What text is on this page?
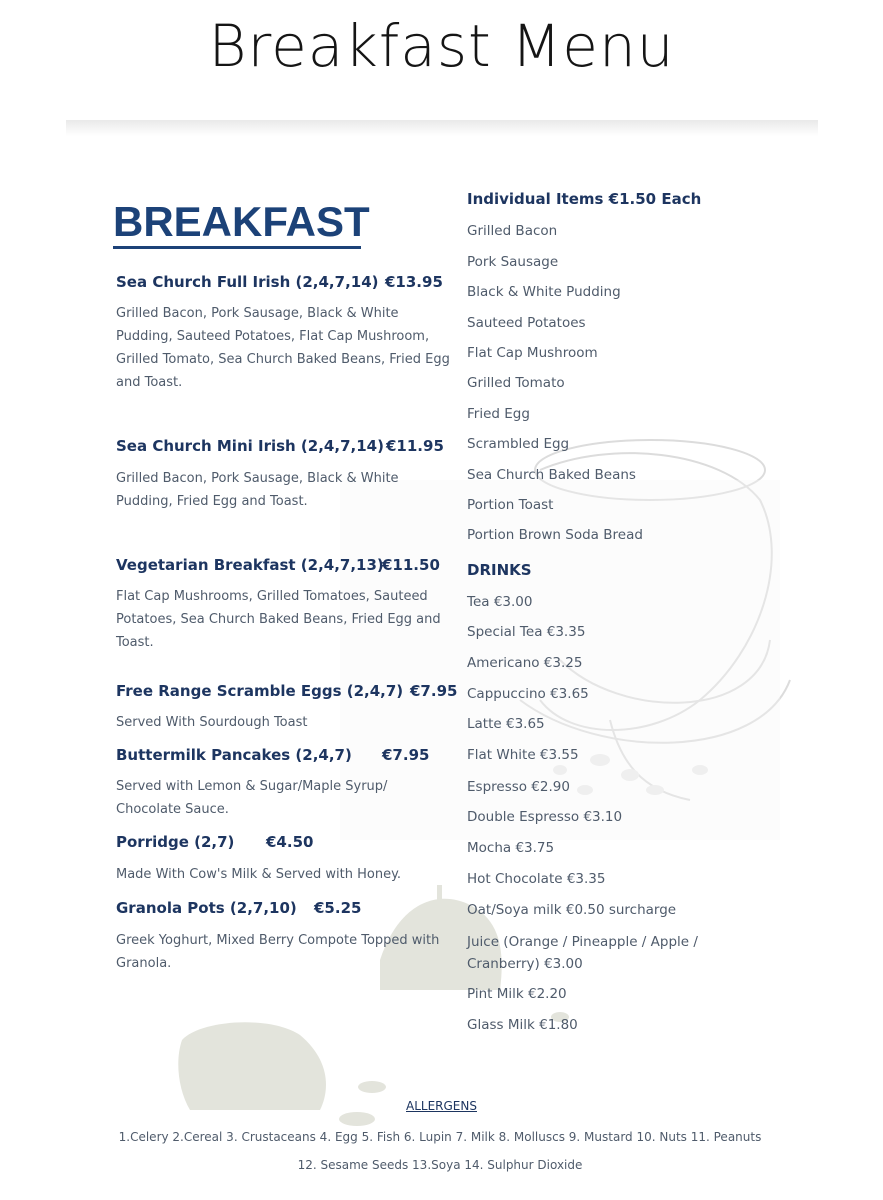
Breakfast Menu
BREAKFAST
Sea Church Full Irish (2,4,7,14) €13.95
Grilled Bacon, Pork Sausage, Black & White Pudding, Sauteed Potatoes, Flat Cap Mushroom, Grilled Tomato, Sea Church Baked Beans, Fried Egg and Toast.
Sea Church Mini Irish (2,4,7,14) €11.95
Grilled Bacon, Pork Sausage, Black & White Pudding, Fried Egg and Toast.
Vegetarian Breakfast (2,4,7,13)
€11.50
Flat Cap Mushrooms, Grilled Tomatoes, Sauteed Potatoes, Sea Church Baked Beans, Fried Egg and Toast.
Free Range Scramble Eggs (2,4,7) €7.95
Served With Sourdough Toast
Buttermilk Pancakes (2,4,7) €7.95
Served with Lemon & Sugar/Maple Syrup/ Chocolate Sauce.
Porridge (2,7) €4.50
Made With Cow's Milk & Served with Honey.
Granola Pots (2,7,10) €5.25
Greek Yoghurt, Mixed Berry Compote Topped with Granola.
Individual Items €1.50 Each
Grilled Bacon
Pork Sausage
Black & White Pudding
Sauteed Potatoes
Flat Cap Mushroom
Grilled Tomato
Fried Egg
Scrambled Egg
Sea Church Baked Beans
Portion Toast
Portion Brown Soda Bread
DRINKS
Tea €3.00
Special Tea €3.35
Americano €3.25
Cappuccino €3.65
Latte €3.65
Flat White €3.55
Espresso €2.90
Double Espresso €3.10
Mocha €3.75
Hot Chocolate €3.35
Oat/Soya milk €0.50 surcharge
Juice (Orange / Pineapple / Apple / Cranberry) €3.00
Pint Milk €2.20
Glass Milk €1.80
ALLERGENS
1.Celery 2.Cereal 3. Crustaceans 4. Egg 5. Fish 6. Lupin 7. Milk 8. Molluscs 9. Mustard 10. Nuts 11. Peanuts
12. Sesame Seeds 13.Soya 14. Sulphur Dioxide
